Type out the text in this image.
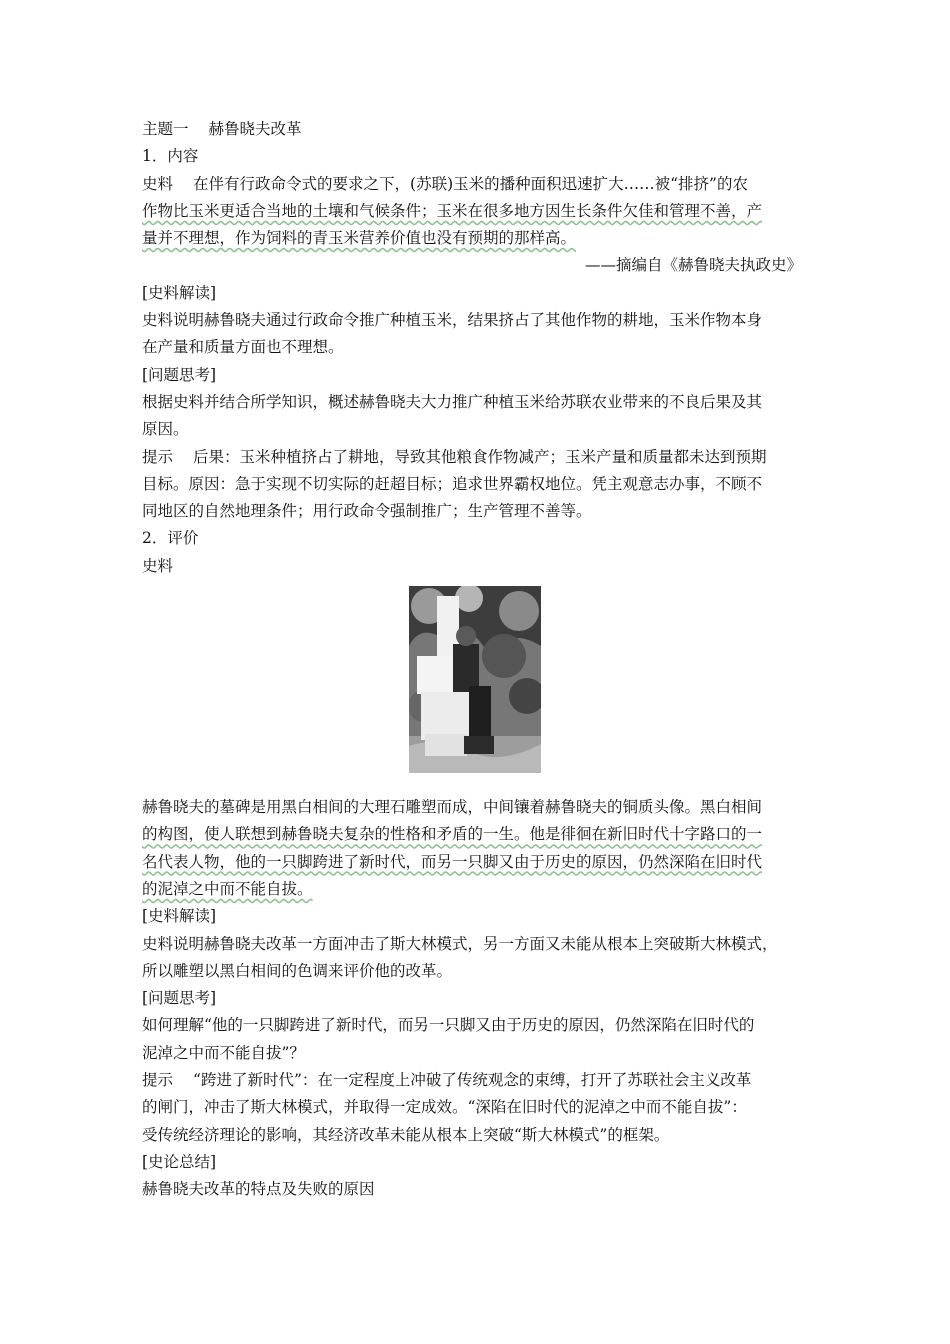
主题一 赫鲁晓夫改革
1．内容
史料 在伴有行政命令式的要求之下，(苏联)玉米的播种面积迅速扩大……被“排挤”的农
作物比玉米更适合当地的土壤和气候条件；玉米在很多地方因生长条件欠佳和管理不善，产
量并不理想，作为饲料的青玉米营养价值也没有预期的那样高。
——摘编自《赫鲁晓夫执政史》
[史料解读]
史料说明赫鲁晓夫通过行政命令推广种植玉米，结果挤占了其他作物的耕地，玉米作物本身
在产量和质量方面也不理想。
[问题思考]
根据史料并结合所学知识，概述赫鲁晓夫大力推广种植玉米给苏联农业带来的不良后果及其
原因。
提示 后果：玉米种植挤占了耕地，导致其他粮食作物减产；玉米产量和质量都未达到预期
目标。原因：急于实现不切实际的赶超目标；追求世界霸权地位。凭主观意志办事，不顾不
同地区的自然地理条件；用行政命令强制推广；生产管理不善等。
2．评价
史料
赫鲁晓夫的墓碑是用黑白相间的大理石雕塑而成，中间镶着赫鲁晓夫的铜质头像。黑白相间
的构图，使人联想到赫鲁晓夫复杂的性格和矛盾的一生。他是徘徊在新旧时代十字路口的一
名代表人物，他的一只脚跨进了新时代，而另一只脚又由于历史的原因，仍然深陷在旧时代
的泥淖之中而不能自拔。
[史料解读]
史料说明赫鲁晓夫改革一方面冲击了斯大林模式，另一方面又未能从根本上突破斯大林模式，
所以雕塑以黑白相间的色调来评价他的改革。
[问题思考]
如何理解“他的一只脚跨进了新时代，而另一只脚又由于历史的原因，仍然深陷在旧时代的
泥淖之中而不能自拔”？
提示 “跨进了新时代”：在一定程度上冲破了传统观念的束缚，打开了苏联社会主义改革
的闸门，冲击了斯大林模式，并取得一定成效。“深陷在旧时代的泥淖之中而不能自拔”：
受传统经济理论的影响，其经济改革未能从根本上突破“斯大林模式”的框架。
[史论总结]
赫鲁晓夫改革的特点及失败的原因
